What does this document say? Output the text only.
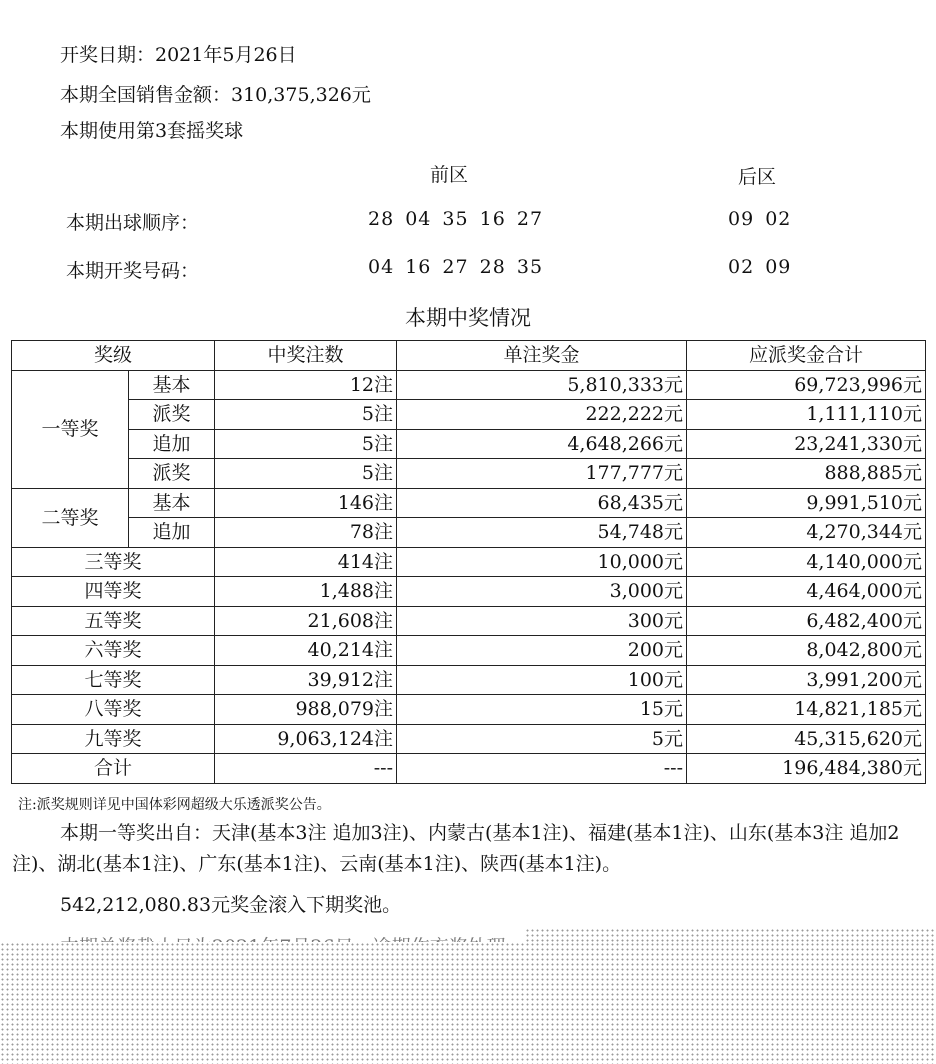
开奖日期：2021年5月26日
本期全国销售金额：310,375,326元
本期使用第3套摇奖球
前区	后区
本期出球顺序：	28 04 35 16 27	09 02
本期开奖号码：	04 16 27 28 35	02 09
本期中奖情况
奖级		中奖注数	单注奖金	应派奖金合计
一等奖	基本	12注	5,810,333元	69,723,996元
	派奖	5注	222,222元	1,111,110元
	追加	5注	4,648,266元	23,241,330元
	派奖	5注	177,777元	888,885元
二等奖	基本	146注	68,435元	9,991,510元
	追加	78注	54,748元	4,270,344元
三等奖		414注	10,000元	4,140,000元
四等奖		1,488注	3,000元	4,464,000元
五等奖		21,608注	300元	6,482,400元
六等奖		40,214注	200元	8,042,800元
七等奖		39,912注	100元	3,991,200元
八等奖		988,079注	15元	14,821,185元
九等奖		9,063,124注	5元	45,315,620元
合计		---	---	196,484,380元
注:派奖规则详见中国体彩网超级大乐透派奖公告。
本期一等奖出自：天津(基本3注 追加3注)、内蒙古(基本1注)、福建(基本1注)、山东(基本3注 追加2注)、湖北(基本1注)、广东(基本1注)、云南(基本1注)、陕西(基本1注)。
542,212,080.83元奖金滚入下期奖池。
